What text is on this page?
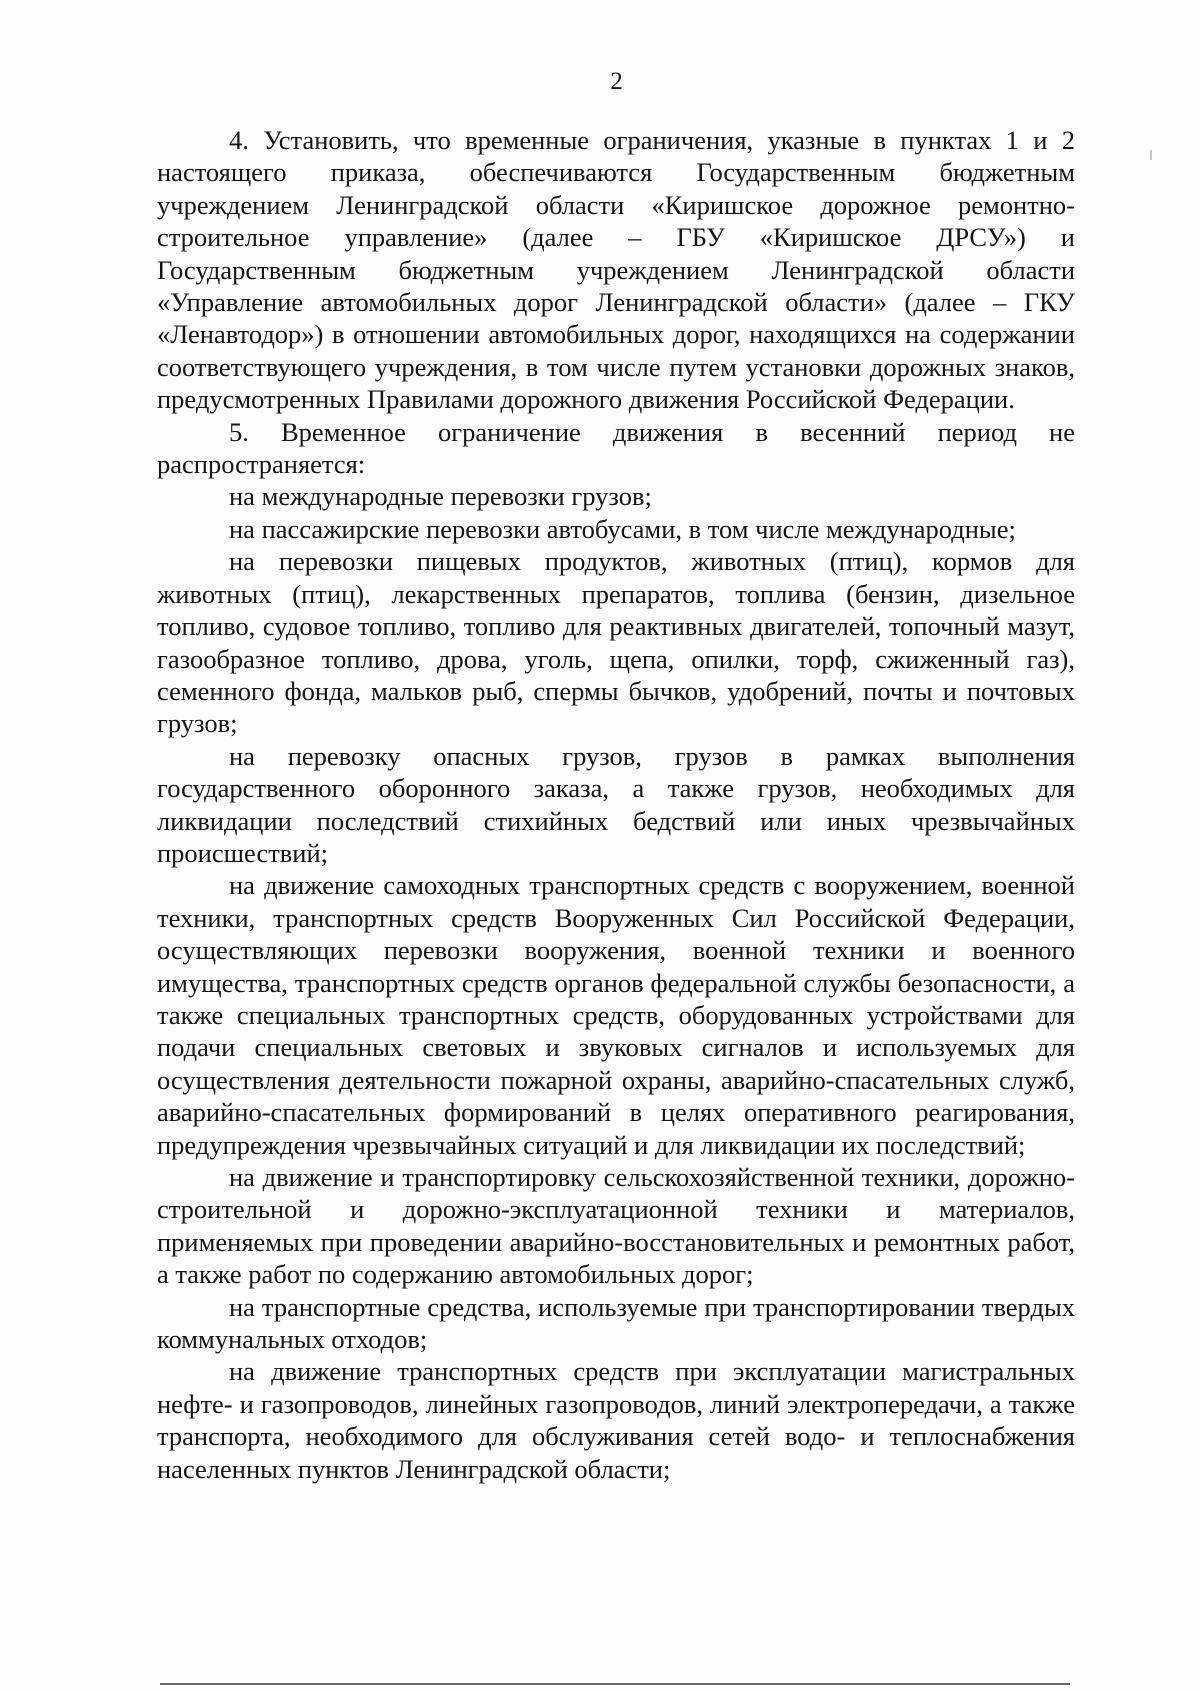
2

4. Установить, что временные ограничения, указные в пунктах 1 и 2 настоящего приказа, обеспечиваются Государственным бюджетным учреждением Ленинградской области «Киришское дорожное ремонтно-строительное управление» (далее – ГБУ «Киришское ДРСУ») и Государственным бюджетным учреждением Ленинградской области «Управление автомобильных дорог Ленинградской области» (далее – ГКУ «Ленавтодор») в отношении автомобильных дорог, находящихся на содержании соответствующего учреждения, в том числе путем установки дорожных знаков, предусмотренных Правилами дорожного движения Российской Федерации.

5. Временное ограничение движения в весенний период не распространяется:

на международные перевозки грузов;

на пассажирские перевозки автобусами, в том числе международные;

на перевозки пищевых продуктов, животных (птиц), кормов для животных (птиц), лекарственных препаратов, топлива (бензин, дизельное топливо, судовое топливо, топливо для реактивных двигателей, топочный мазут, газообразное топливо, дрова, уголь, щепа, опилки, торф, сжиженный газ), семенного фонда, мальков рыб, спермы бычков, удобрений, почты и почтовых грузов;

на перевозку опасных грузов, грузов в рамках выполнения государственного оборонного заказа, а также грузов, необходимых для ликвидации последствий стихийных бедствий или иных чрезвычайных происшествий;

на движение самоходных транспортных средств с вооружением, военной техники, транспортных средств Вооруженных Сил Российской Федерации, осуществляющих перевозки вооружения, военной техники и военного имущества, транспортных средств органов федеральной службы безопасности, а также специальных транспортных средств, оборудованных устройствами для подачи специальных световых и звуковых сигналов и используемых для осуществления деятельности пожарной охраны, аварийно-спасательных служб, аварийно-спасательных формирований в целях оперативного реагирования, предупреждения чрезвычайных ситуаций и для ликвидации их последствий;

на движение и транспортировку сельскохозяйственной техники, дорожно-строительной и дорожно-эксплуатационной техники и материалов, применяемых при проведении аварийно-восстановительных и ремонтных работ, а также работ по содержанию автомобильных дорог;

на транспортные средства, используемые при транспортировании твердых коммунальных отходов;

на движение транспортных средств при эксплуатации магистральных нефте- и газопроводов, линейных газопроводов, линий электропередачи, а также транспорта, необходимого для обслуживания сетей водо- и теплоснабжения населенных пунктов Ленинградской области;
